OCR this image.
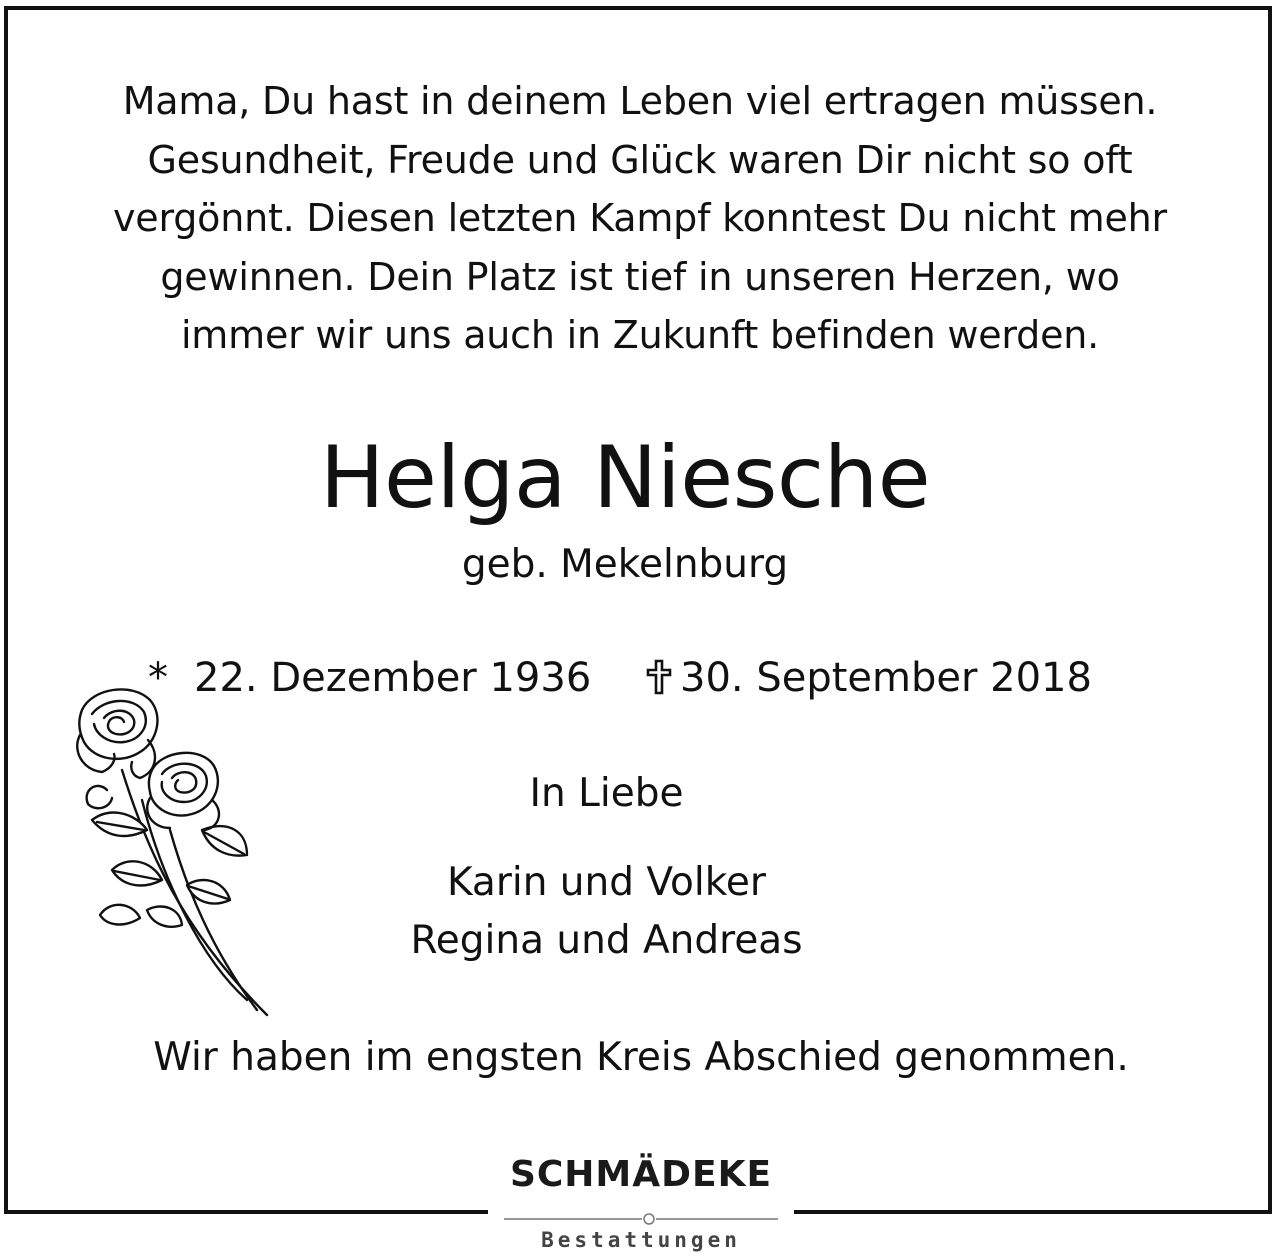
Mama, Du hast in deinem Leben viel ertragen müssen.
Gesundheit, Freude und Glück waren Dir nicht so oft
vergönnt. Diesen letzten Kampf konntest Du nicht mehr
gewinnen. Dein Platz ist tief in unseren Herzen, wo
immer wir uns auch in Zukunft befinden werden.
Helga Niesche
geb. Mekelnburg
* 22. Dezember 1936	30. September 2018
In Liebe
Karin und Volker
Regina und Andreas
Wir haben im engsten Kreis Abschied genommen.
SCHMÄDEKE
Bestattungen
